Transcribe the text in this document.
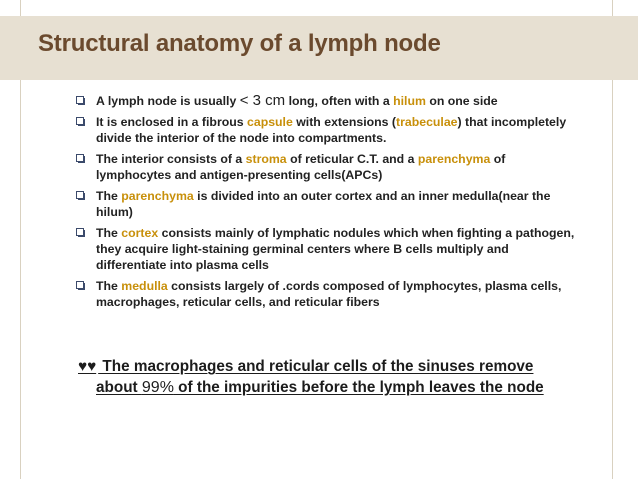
Structural anatomy of a lymph node
A lymph node is usually < 3 cm long, often with a hilum on one side
It is enclosed in a fibrous capsule with extensions (trabeculae) that incompletely divide the interior of the node into compartments.
The interior consists of a stroma of reticular C.T. and a parenchyma of lymphocytes and antigen-presenting cells(APCs)
The parenchyma is divided into an outer cortex and an inner medulla(near the hilum)
The cortex consists mainly of lymphatic nodules which when fighting a pathogen, they acquire light-staining germinal centers where B cells multiply and differentiate into plasma cells
The medulla consists largely of .cords composed of lymphocytes, plasma cells, macrophages, reticular cells, and reticular fibers

♥♥ The macrophages and reticular cells of the sinuses remove
about 99% of the impurities before the lymph leaves the node
